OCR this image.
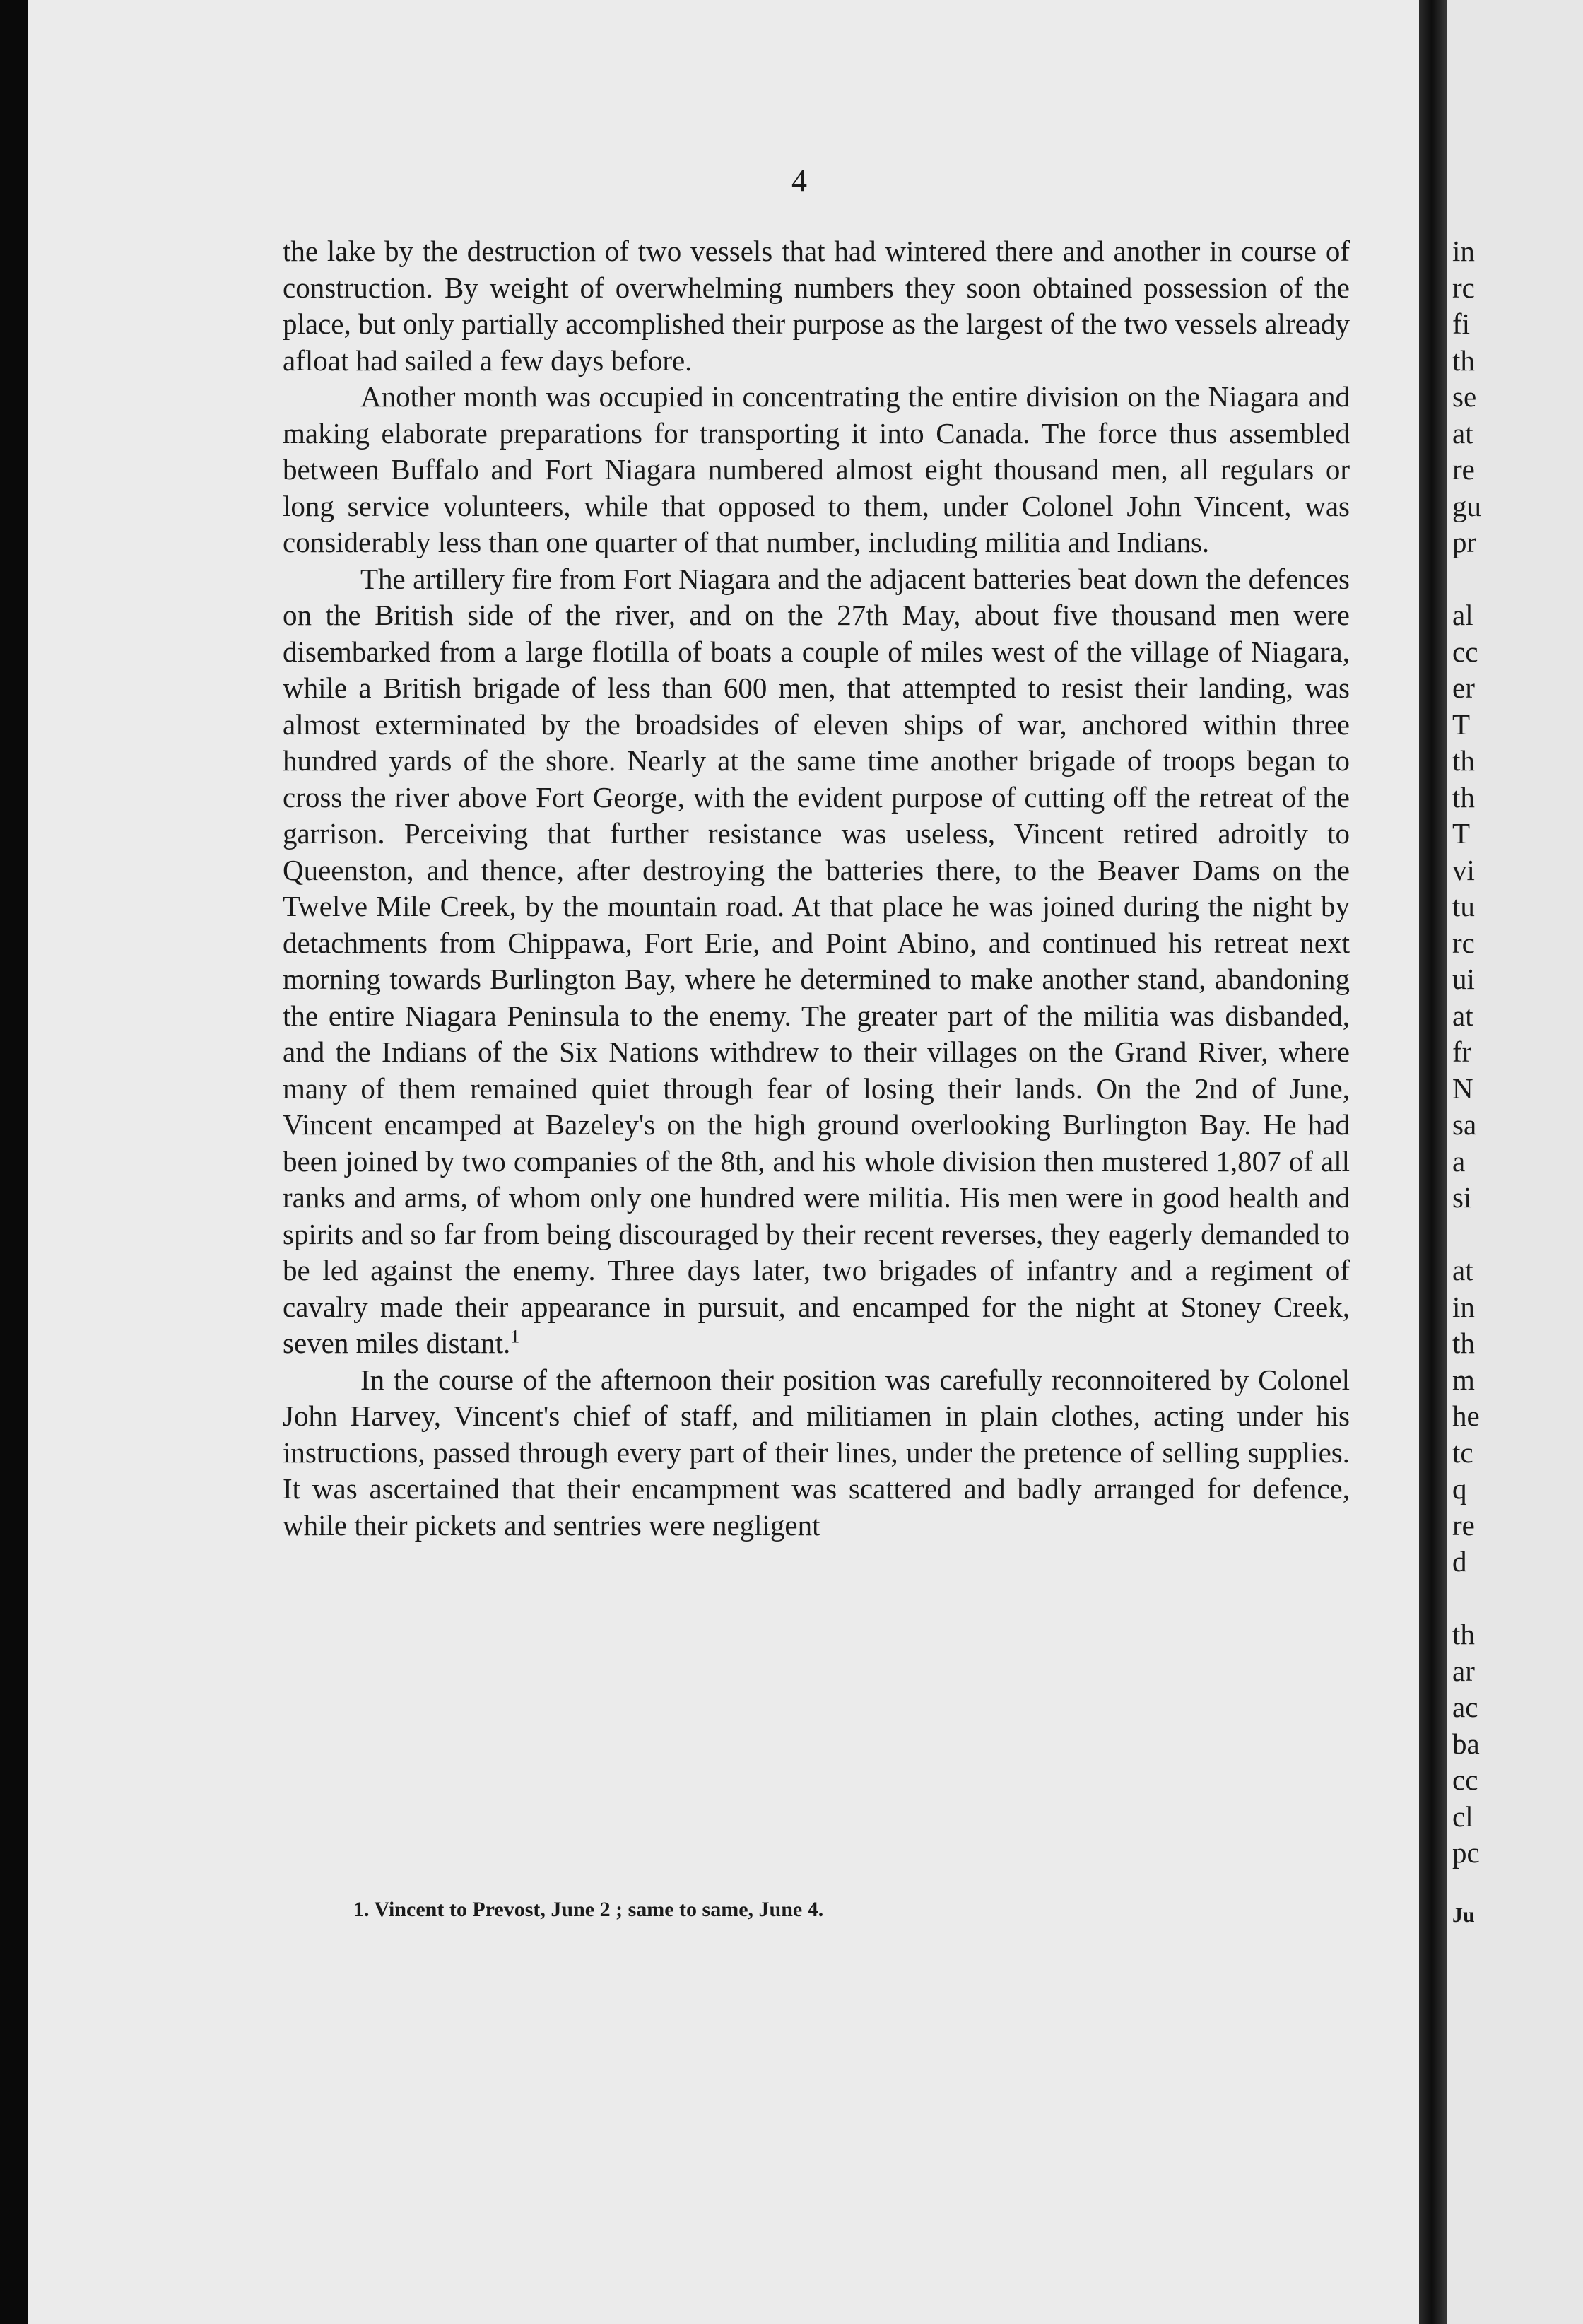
4

the lake by the destruction of two vessels that had wintered there and another in course of construction. By weight of overwhelming numbers they soon obtained possession of the place, but only partially accomplished their purpose as the largest of the two vessels already afloat had sailed a few days before.

Another month was occupied in concentrating the entire division on the Niagara and making elaborate preparations for transporting it into Canada. The force thus assembled between Buffalo and Fort Niagara numbered almost eight thousand men, all regulars or long service volunteers, while that opposed to them, under Colonel John Vincent, was considerably less than one quarter of that number, including militia and Indians.

The artillery fire from Fort Niagara and the adjacent batteries beat down the defences on the British side of the river, and on the 27th May, about five thousand men were disembarked from a large flotilla of boats a couple of miles west of the village of Niagara, while a British brigade of less than 600 men, that attempted to resist their landing, was almost exterminated by the broadsides of eleven ships of war, anchored within three hundred yards of the shore. Nearly at the same time another brigade of troops began to cross the river above Fort George, with the evident purpose of cutting off the retreat of the garrison. Perceiving that further resistance was useless, Vincent retired adroitly to Queenston, and thence, after destroying the batteries there, to the Beaver Dams on the Twelve Mile Creek, by the mountain road. At that place he was joined during the night by detachments from Chippawa, Fort Erie, and Point Abino, and continued his retreat next morning towards Burlington Bay, where he determined to make another stand, abandoning the entire Niagara Peninsula to the enemy. The greater part of the militia was disbanded, and the Indians of the Six Nations withdrew to their villages on the Grand River, where many of them remained quiet through fear of losing their lands. On the 2nd of June, Vincent encamped at Bazeley's on the high ground overlooking Burlington Bay. He had been joined by two companies of the 8th, and his whole division then mustered 1,807 of all ranks and arms, of whom only one hundred were militia. His men were in good health and spirits and so far from being discouraged by their recent reverses, they eagerly demanded to be led against the enemy. Three days later, two brigades of infantry and a regiment of cavalry made their appearance in pursuit, and encamped for the night at Stoney Creek, seven miles distant.$^1$

In the course of the afternoon their position was carefully reconnoitered by Colonel John Harvey, Vincent's chief of staff, and militiamen in plain clothes, acting under his instructions, passed through every part of their lines, under the pretence of selling supplies. It was ascertained that their encampment was scattered and badly arranged for defence, while their pickets and sentries were negligent

1. Vincent to Prevost, June 2 ; same to same, June 4.
in
rc
fi
th
se
at
re
gu
pr
al
cc
er
T
th
th
T
vi
tu
rc
ui
at
fr
N
sa
a
si
at
in
th
m
he
tc
q
re
d
th
ar
ac
ba
cc
cl
pc
Ju
